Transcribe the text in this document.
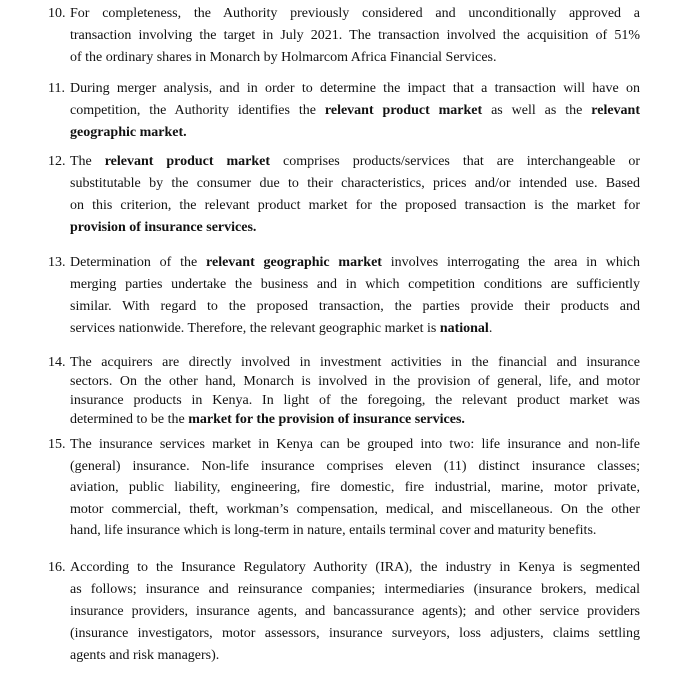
10. For completeness, the Authority previously considered and unconditionally approved a
transaction involving the target in July 2021. The transaction involved the acquisition of 51%
of the ordinary shares in Monarch by Holmarcom Africa Financial Services.
11. During merger analysis, and in order to determine the impact that a transaction will have on
competition, the Authority identifies the relevant product market as well as the relevant
geographic market.
12. The relevant product market comprises products/services that are interchangeable or
substitutable by the consumer due to their characteristics, prices and/or intended use. Based
on this criterion, the relevant product market for the proposed transaction is the market for
provision of insurance services.
13. Determination of the relevant geographic market involves interrogating the area in which
merging parties undertake the business and in which competition conditions are sufficiently
similar. With regard to the proposed transaction, the parties provide their products and
services nationwide. Therefore, the relevant geographic market is national.
14. The acquirers are directly involved in investment activities in the financial and insurance
sectors. On the other hand, Monarch is involved in the provision of general, life, and motor
insurance products in Kenya. In light of the foregoing, the relevant product market was
determined to be the market for the provision of insurance services.
15. The insurance services market in Kenya can be grouped into two: life insurance and non-life
(general) insurance. Non-life insurance comprises eleven (11) distinct insurance classes;
aviation, public liability, engineering, fire domestic, fire industrial, marine, motor private,
motor commercial, theft, workman’s compensation, medical, and miscellaneous. On the other
hand, life insurance which is long-term in nature, entails terminal cover and maturity benefits.
16. According to the Insurance Regulatory Authority (IRA), the industry in Kenya is segmented
as follows; insurance and reinsurance companies; intermediaries (insurance brokers, medical
insurance providers, insurance agents, and bancassurance agents); and other service providers
(insurance investigators, motor assessors, insurance surveyors, loss adjusters, claims settling
agents and risk managers).
